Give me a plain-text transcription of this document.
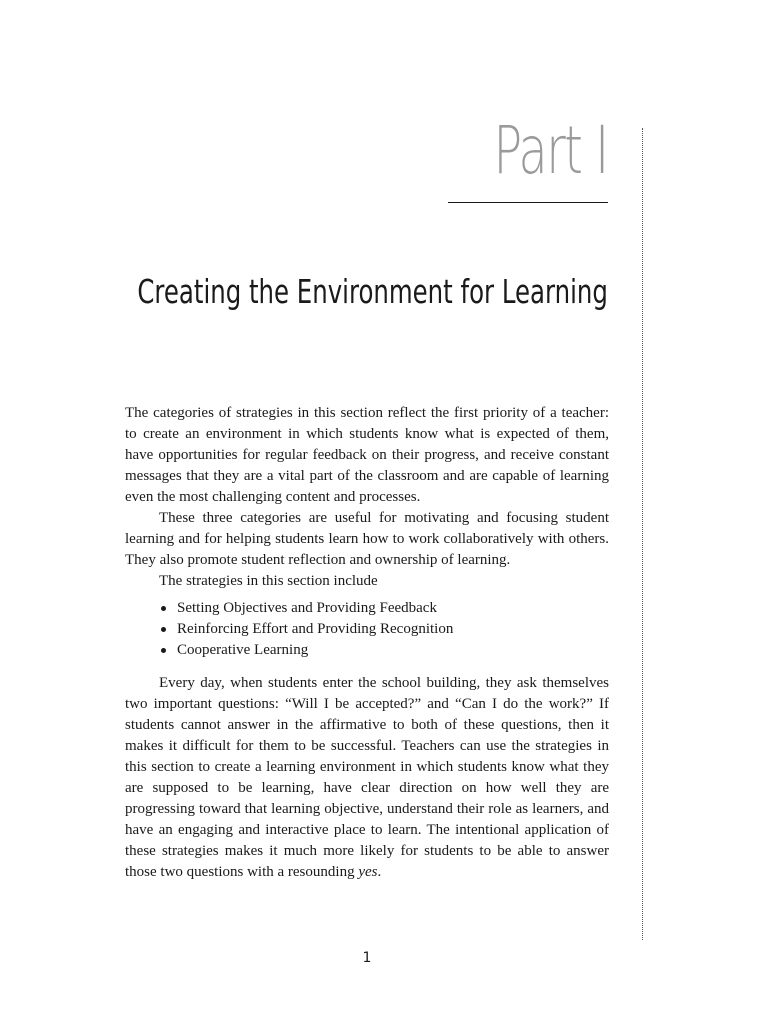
Part I
Creating the Environment for Learning

The categories of strategies in this section reflect the first priority of a teacher: to create an environment in which students know what is expected of them, have opportunities for regular feedback on their progress, and receive constant messages that they are a vital part of the classroom and are capable of learning even the most challenging content and processes.

These three categories are useful for motivating and focusing student learning and for helping students learn how to work collaboratively with others. They also promote student reflection and ownership of learning.

The strategies in this section include

Setting Objectives and Providing Feedback
Reinforcing Effort and Providing Recognition
Cooperative Learning

Every day, when students enter the school building, they ask themselves two important questions: “Will I be accepted?” and “Can I do the work?” If students cannot answer in the affirmative to both of these questions, then it makes it difficult for them to be successful. Teachers can use the strategies in this section to create a learning environment in which students know what they are supposed to be learning, have clear direction on how well they are progressing toward that learning objective, understand their role as learners, and have an engaging and interactive place to learn. The intentional application of these strategies makes it much more likely for students to be able to answer those two questions with a resounding yes.

1
